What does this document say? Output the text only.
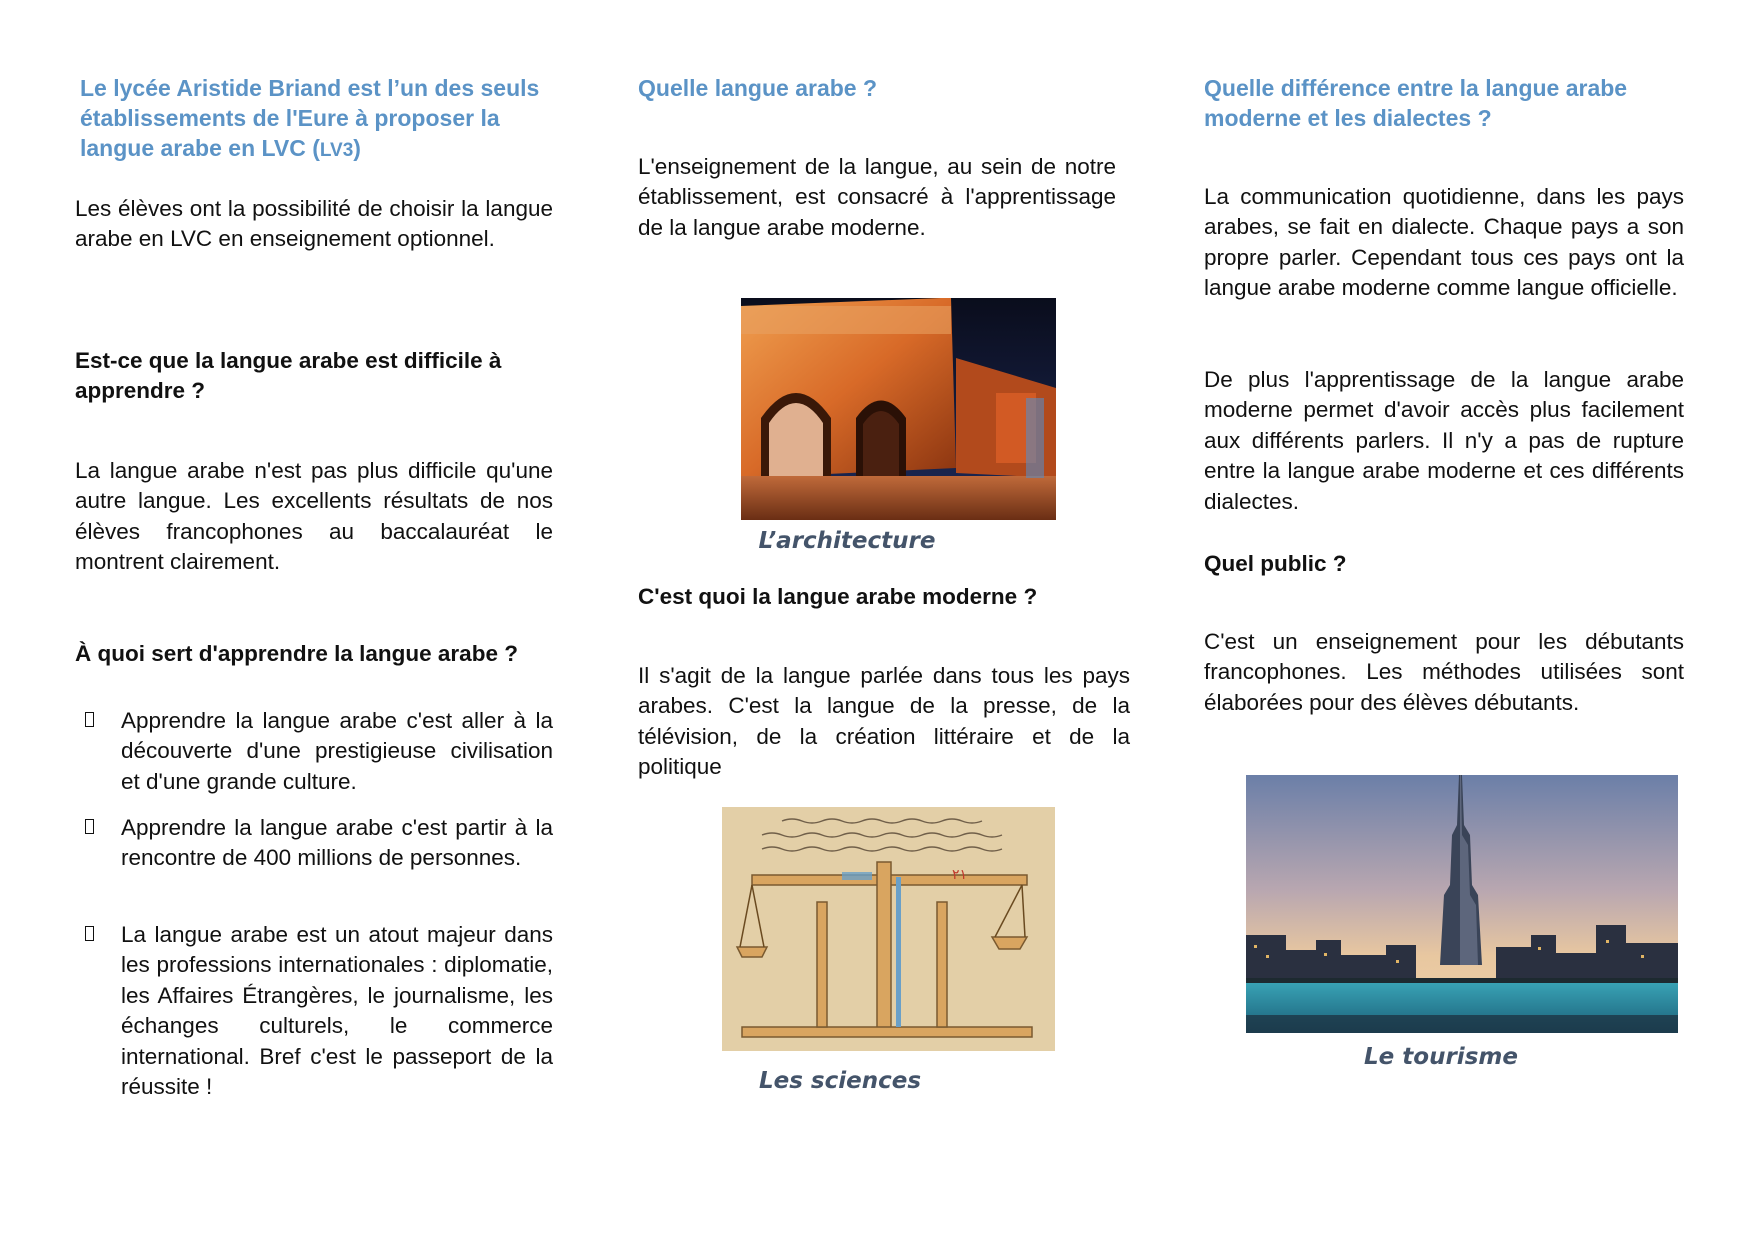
Le lycée Aristide Briand est l’un des seuls établissements de l'Eure à proposer la langue arabe en LVC (LV3)

Les élèves ont la possibilité de choisir la langue arabe en LVC en enseignement optionnel.

Est-ce que la langue arabe est difficile à apprendre ?

La langue arabe n'est pas plus difficile qu'une autre langue. Les excellents résultats de nos élèves francophones au baccalauréat le montrent clairement.

À quoi sert d'apprendre la langue arabe ?

Apprendre la langue arabe c'est aller à la découverte d'une prestigieuse civilisation et d'une grande culture.

Apprendre la langue arabe c'est partir à la rencontre de 400 millions de personnes.

La langue arabe est un atout majeur dans les professions internationales : diplomatie, les Affaires Étrangères, le journalisme, les échanges culturels, le commerce international. Bref c'est le passeport de la réussite !

Quelle langue arabe ?

L'enseignement de la langue, au sein de notre établissement, est consacré à l'apprentissage de la langue arabe moderne.

L’architecture

C'est quoi la langue arabe moderne ?

Il s'agit de la langue parlée dans tous les pays arabes. C'est la langue de la presse, de la télévision, de la création littéraire et de la politique

٢١
Les sciences

Quelle différence entre la langue arabe moderne et les dialectes ?

La communication quotidienne, dans les pays arabes, se fait en dialecte. Chaque pays a son propre parler. Cependant tous ces pays ont la langue arabe moderne comme langue officielle.

De plus l'apprentissage de la langue arabe moderne permet d'avoir accès plus facilement aux différents parlers. Il n'y a pas de rupture entre la langue arabe moderne et ces différents dialectes.

Quel public ?

C'est un enseignement pour les débutants francophones. Les méthodes utilisées sont élaborées pour des élèves débutants.

Le tourisme
